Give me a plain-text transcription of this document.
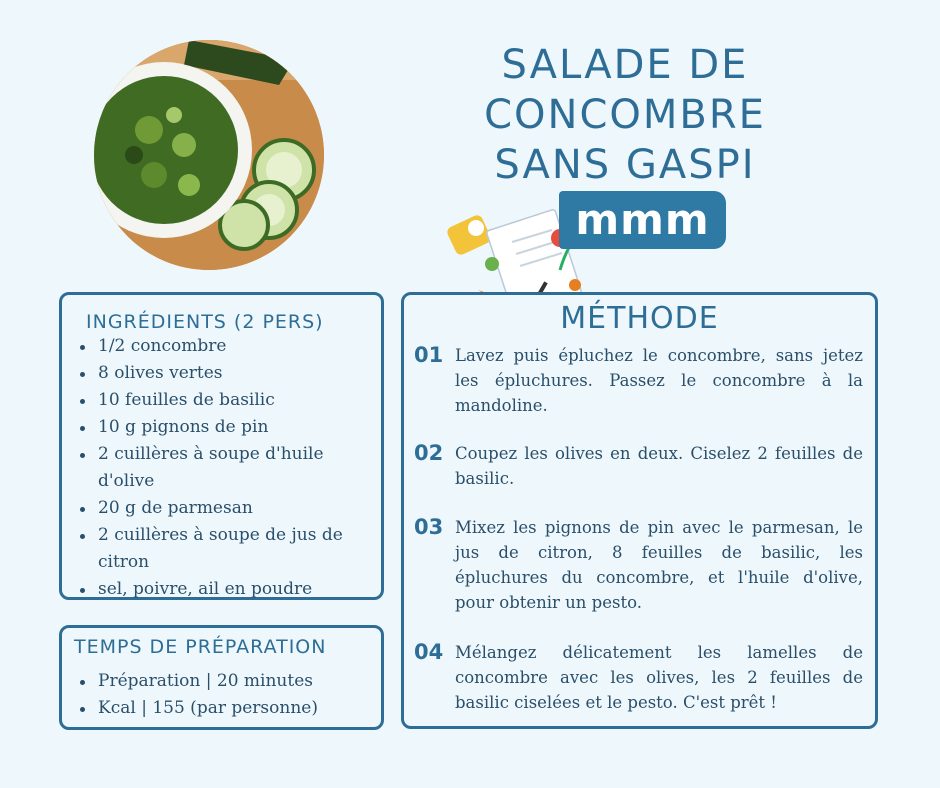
SALADE DE CONCOMBRE
SANS GASPI
mmm
INGRÉDIENTS (2 PERS)
1/2 concombre
8 olives vertes
10 feuilles de basilic
10 g pignons de pin
2 cuillères à soupe d'huile d'olive
20 g de parmesan
2 cuillères à soupe de jus de citron
sel, poivre, ail en poudre
TEMPS DE PRÉPARATION
Préparation | 20 minutes
Kcal | 155 (par personne)
MÉTHODE
01 Lavez puis épluchez le concombre, sans jetez les épluchures. Passez le concombre à la mandoline.

02 Coupez les olives en deux. Ciselez 2 feuilles de basilic.

03 Mixez les pignons de pin avec le parmesan, le jus de citron, 8 feuilles de basilic, les épluchures du concombre, et l'huile d'olive, pour obtenir un pesto.

04 Mélangez délicatement les lamelles de concombre avec les olives, les 2 feuilles de basilic ciselées et le pesto. C'est prêt !
